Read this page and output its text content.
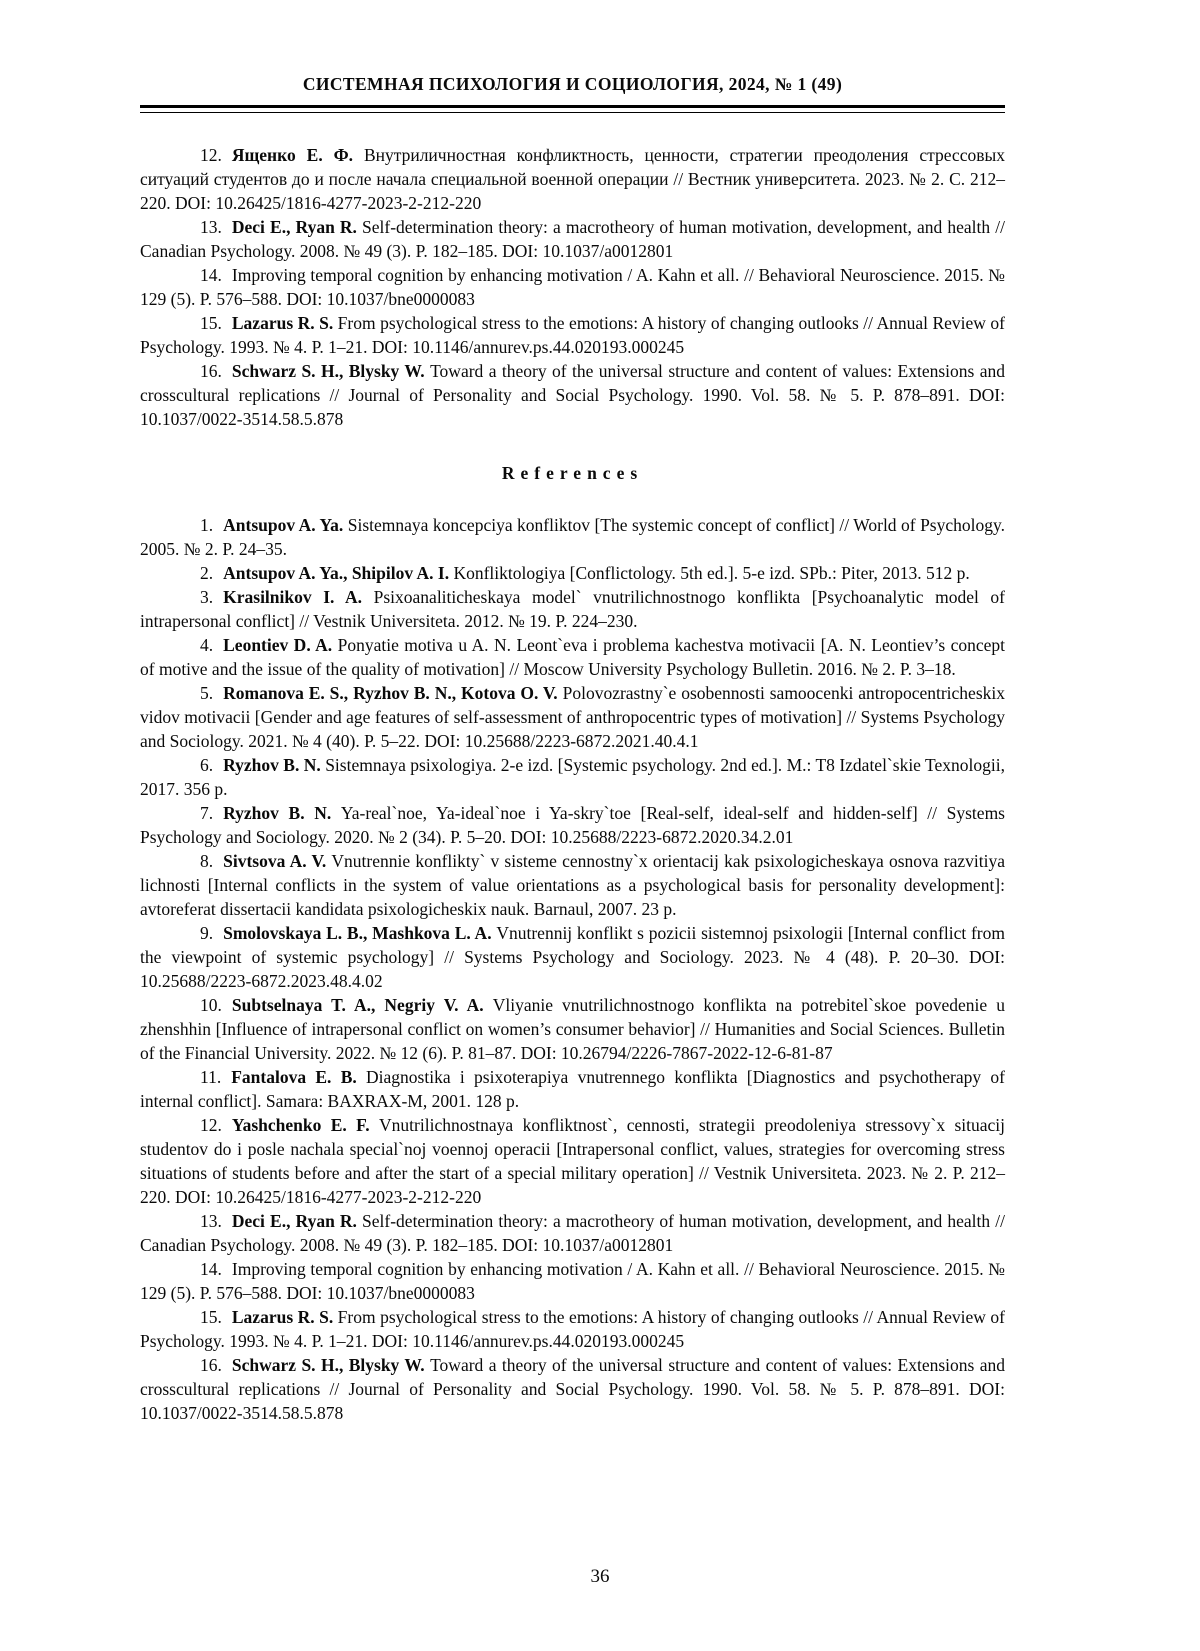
СИСТЕМНАЯ ПСИХОЛОГИЯ И СОЦИОЛОГИЯ, 2024, № 1 (49)

12. Ященко Е. Ф. Внутриличностная конфликтность, ценности, стратегии преодоления стрессовых ситуаций студентов до и после начала специальной военной операции // Вестник университета. 2023. № 2. С. 212–220. DOI: 10.26425/1816-4277-2023-2-212-220

13. Deci E., Ryan R. Self-determination theory: a macrotheory of human motivation, development, and health // Canadian Psychology. 2008. № 49 (3). P. 182–185. DOI: 10.1037/a0012801

14. Improving temporal cognition by enhancing motivation / A. Kahn et all. // Behavioral Neuroscience. 2015. № 129 (5). P. 576–588. DOI: 10.1037/bne0000083

15. Lazarus R. S. From psychological stress to the emotions: A history of changing outlooks // Annual Review of Psychology. 1993. № 4. P. 1–21. DOI: 10.1146/annurev.ps.44.020193.000245

16. Schwarz S. H., Blysky W. Toward a theory of the universal structure and content of values: Extensions and crosscultural replications // Journal of Personality and Social Psychology. 1990. Vol. 58. № 5. P. 878–891. DOI: 10.1037/0022-3514.58.5.878

References

1. Antsupov A. Ya. Sistemnaya koncepciya konfliktov [The systemic concept of conflict] // World of Psychology. 2005. № 2. P. 24–35.

2. Antsupov A. Ya., Shipilov A. I. Konfliktologiya [Conflictology. 5th ed.]. 5-e izd. SPb.: Piter, 2013. 512 p.

3. Krasilnikov I. A. Psixoanaliticheskaya model` vnutrilichnostnogo konflikta [Psychoanalytic model of intrapersonal conflict] // Vestnik Universiteta. 2012. № 19. P. 224–230.

4. Leontiev D. A. Ponyatie motiva u A. N. Leont`eva i problema kachestva motivacii [A. N. Leontiev’s concept of motive and the issue of the quality of motivation] // Moscow University Psychology Bulletin. 2016. № 2. P. 3–18.

5. Romanova E. S., Ryzhov B. N., Kotova O. V. Polovozrastny`e osobennosti samoocenki antropocentricheskix vidov motivacii [Gender and age features of self-assessment of anthropocentric types of motivation] // Systems Psychology and Sociology. 2021. № 4 (40). P. 5–22. DOI: 10.25688/2223-6872.2021.40.4.1

6. Ryzhov B. N. Sistemnaya psixologiya. 2-e izd. [Systemic psychology. 2nd ed.]. M.: T8 Izdatel`skie Texnologii, 2017. 356 p.

7. Ryzhov B. N. Ya-real`noe, Ya-ideal`noe i Ya-skry`toe [Real-self, ideal-self and hidden-self] // Systems Psychology and Sociology. 2020. № 2 (34). P. 5–20. DOI: 10.25688/2223-6872.2020.34.2.01

8. Sivtsova A. V. Vnutrennie konflikty` v sisteme cennostny`x orientacij kak psixologicheskaya osnova razvitiya lichnosti [Internal conflicts in the system of value orientations as a psychological basis for personality development]: avtoreferat dissertacii kandidata psixologicheskix nauk. Barnaul, 2007. 23 p.

9. Smolovskaya L. B., Mashkova L. A. Vnutrennij konflikt s pozicii sistemnoj psixologii [Internal conflict from the viewpoint of systemic psychology] // Systems Psychology and Sociology. 2023. № 4 (48). P. 20–30. DOI: 10.25688/2223-6872.2023.48.4.02

10. Subtselnaya T. A., Negriy V. A. Vliyanie vnutrilichnostnogo konflikta na potrebitel`skoe povedenie u zhenshhin [Influence of intrapersonal conflict on women’s consumer behavior] // Humanities and Social Sciences. Bulletin of the Financial University. 2022. № 12 (6). P. 81–87. DOI: 10.26794/2226-7867-2022-12-6-81-87

11. Fantalova E. B. Diagnostika i psixoterapiya vnutrennego konflikta [Diagnostics and psychotherapy of internal conflict]. Samara: BAXRAX-M, 2001. 128 p.

12. Yashchenko E. F. Vnutrilichnostnaya konfliktnost`, cennosti, strategii preodoleniya stressovy`x situacij studentov do i posle nachala special`noj voennoj operacii [Intrapersonal conflict, values, strategies for overcoming stress situations of students before and after the start of a special military operation] // Vestnik Universiteta. 2023. № 2. P. 212–220. DOI: 10.26425/1816-4277-2023-2-212-220

13. Deci E., Ryan R. Self-determination theory: a macrotheory of human motivation, development, and health // Canadian Psychology. 2008. № 49 (3). P. 182–185. DOI: 10.1037/a0012801

14. Improving temporal cognition by enhancing motivation / A. Kahn et all. // Behavioral Neuroscience. 2015. № 129 (5). P. 576–588. DOI: 10.1037/bne0000083

15. Lazarus R. S. From psychological stress to the emotions: A history of changing outlooks // Annual Review of Psychology. 1993. № 4. P. 1–21. DOI: 10.1146/annurev.ps.44.020193.000245

16. Schwarz S. H., Blysky W. Toward a theory of the universal structure and content of values: Extensions and crosscultural replications // Journal of Personality and Social Psychology. 1990. Vol. 58. № 5. P. 878–891. DOI: 10.1037/0022-3514.58.5.878

36
